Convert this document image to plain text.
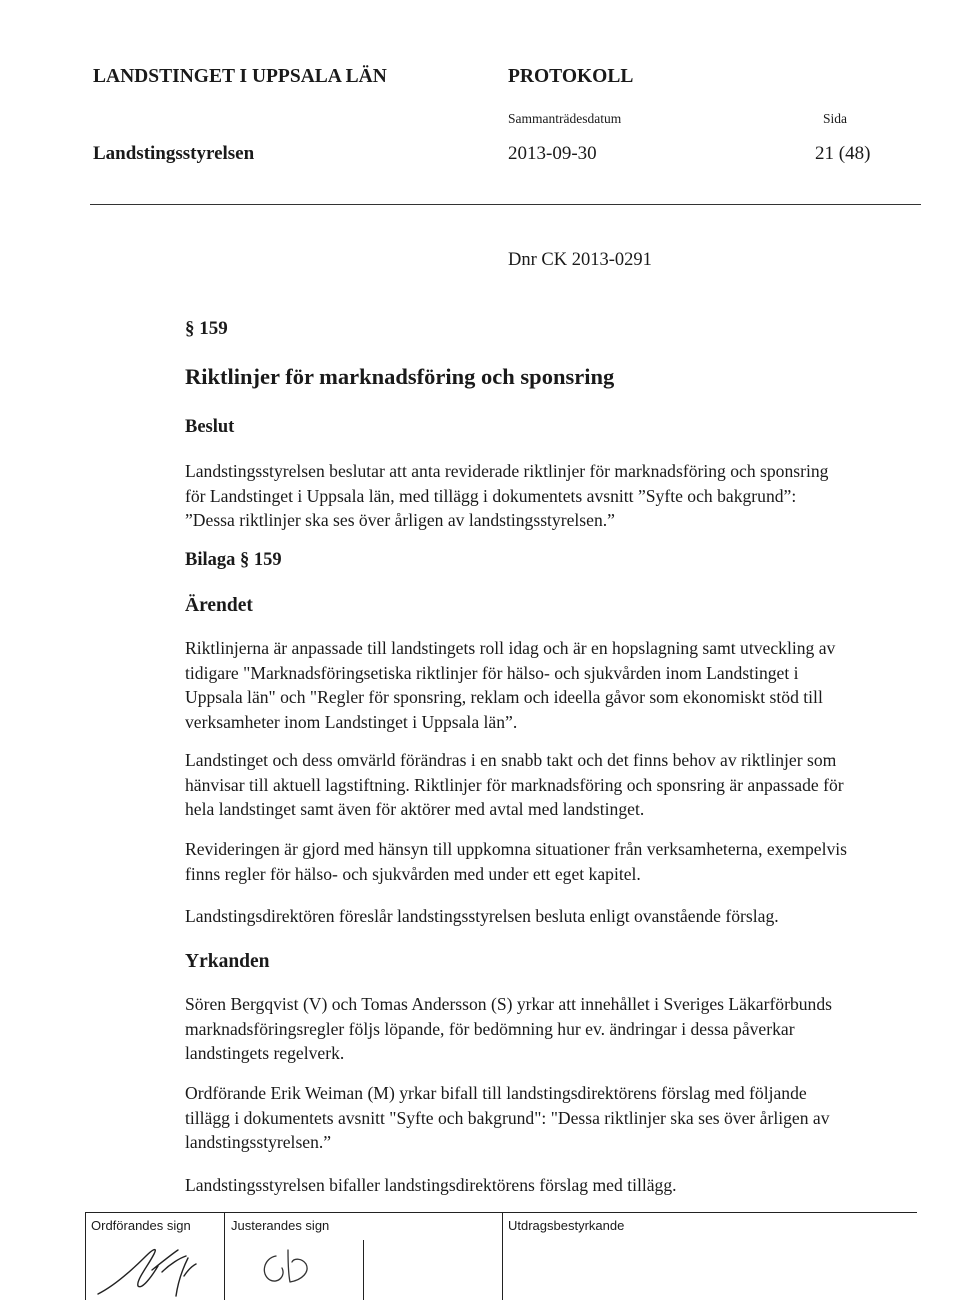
LANDSTINGET I UPPSALA LÄN	PROTOKOLL
Sammanträdesdatum	Sida
Landstingsstyrelsen	2013-09-30	21 (48)
Dnr CK 2013-0291
§ 159
Riktlinjer för marknadsföring och sponsring
Beslut
Landstingsstyrelsen beslutar att anta reviderade riktlinjer för marknadsföring och sponsring
för Landstinget i Uppsala län, med tillägg i dokumentets avsnitt ”Syfte och bakgrund”:
”Dessa riktlinjer ska ses över årligen av landstingsstyrelsen.”
Bilaga § 159
Ärendet
Riktlinjerna är anpassade till landstingets roll idag och är en hopslagning samt utveckling av
tidigare "Marknadsföringsetiska riktlinjer för hälso- och sjukvården inom Landstinget i
Uppsala län" och "Regler för sponsring, reklam och ideella gåvor som ekonomiskt stöd till
verksamheter inom Landstinget i Uppsala län”.
Landstinget och dess omvärld förändras i en snabb takt och det finns behov av riktlinjer som
hänvisar till aktuell lagstiftning. Riktlinjer för marknadsföring och sponsring är anpassade för
hela landstinget samt även för aktörer med avtal med landstinget.
Revideringen är gjord med hänsyn till uppkomna situationer från verksamheterna, exempelvis
finns regler för hälso- och sjukvården med under ett eget kapitel.
Landstingsdirektören föreslår landstingsstyrelsen besluta enligt ovanstående förslag.
Yrkanden
Sören Bergqvist (V) och Tomas Andersson (S) yrkar att innehållet i Sveriges Läkarförbunds
marknadsföringsregler följs löpande, för bedömning hur ev. ändringar i dessa påverkar
landstingets regelverk.
Ordförande Erik Weiman (M) yrkar bifall till landstingsdirektörens förslag med följande
tillägg i dokumentets avsnitt "Syfte och bakgrund": "Dessa riktlinjer ska ses över årligen av
landstingsstyrelsen.”
Landstingsstyrelsen bifaller landstingsdirektörens förslag med tillägg.
Ordförandes sign	Justerandes sign	Utdragsbestyrkande
